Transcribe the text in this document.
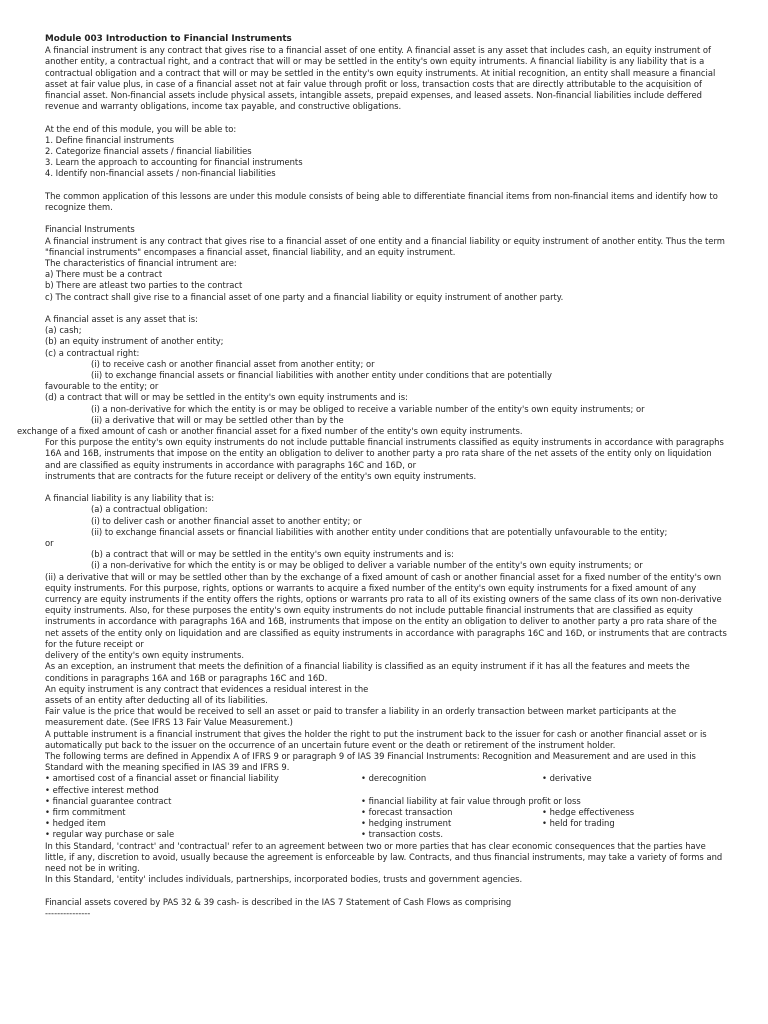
Module 003 Introduction to Financial Instruments

A financial instrument is any contract that gives rise to a financial asset of one entity. A financial asset is any asset that includes cash, an equity instrument of another entity, a contractual right, and a contract that will or may be settled in the entity's own equity intruments. A financial liability is any liability that is a contractual obligation and a contract that will or may be settled in the entity's own equity instruments. At initial recognition, an entity shall measure a financial asset at fair value plus, in case of a financial asset not at fair value through profit or loss, transaction costs that are directly attributable to the acquisition of financial asset. Non-financial assets include physical assets, intangible assets, prepaid expenses, and leased assets. Non-financial liabilities include deffered revenue and warranty obligations, income tax payable, and constructive obligations.

At the end of this module, you will be able to:
1. Define financial instruments
2. Categorize financial assets / financial liabilities
3. Learn the approach to accounting for financial instruments
4. Identify non-financial assets / non-financial liabilities

The common application of this lessons are under this module consists of being able to differentiate financial items from non-financial items and identify how to recognize them.

Financial Instruments

A financial instrument is any contract that gives rise to a financial asset of one entity and a financial liability or equity instrument of another entity. Thus the term "financial instruments" encompases a financial asset, financial liability, and an equity instrument.

The characteristics of financial intrument are:
a) There must be a contract
b) There are atleast two parties to the contract
c) The contract shall give rise to a financial asset of one party and a financial liability or equity instrument of another party.
A financial asset is any asset that is:
(a) cash;
(b) an equity instrument of another entity;
(c) a contractual right:
(i) to receive cash or another financial asset from another entity; or
(ii) to exchange financial assets or financial liabilities with another entity under conditions that are potentially
favourable to the entity; or
(d) a contract that will or may be settled in the entity's own equity instruments and is:
(i) a non-derivative for which the entity is or may be obliged to receive a variable number of the entity's own equity instruments; or
(ii) a derivative that will or may be settled other than by the
exchange of a fixed amount of cash or another financial asset for a fixed number of the entity's own equity instruments.

For this purpose the entity's own equity instruments do not include puttable financial instruments classified as equity instruments in accordance with paragraphs 16A and 16B, instruments that impose on the entity an obligation to deliver to another party a pro rata share of the net assets of the entity only on liquidation and are classified as equity instruments in accordance with paragraphs 16C and 16D, or

instruments that are contracts for the future receipt or delivery of the entity's own equity instruments.
A financial liability is any liability that is:
(a) a contractual obligation:
(i) to deliver cash or another financial asset to another entity; or
(ii) to exchange financial assets or financial liabilities with another entity under conditions that are potentially unfavourable to the entity;
or
(b) a contract that will or may be settled in the entity's own equity instruments and is:
(i) a non-derivative for which the entity is or may be obliged to deliver a variable number of the entity's own equity instruments; or

(ii) a derivative that will or may be settled other than by the exchange of a fixed amount of cash or another financial asset for a fixed number of the entity's own equity instruments. For this purpose, rights, options or warrants to acquire a fixed number of the entity's own equity instruments for a fixed amount of any currency are equity instruments if the entity offers the rights, options or warrants pro rata to all of its existing owners of the same class of its own non-derivative equity instruments. Also, for these purposes the entity's own equity instruments do not include puttable financial instruments that are classified as equity instruments in accordance with paragraphs 16A and 16B, instruments that impose on the entity an obligation to deliver to another party a pro rata share of the net assets of the entity only on liquidation and are classified as equity instruments in accordance with paragraphs 16C and 16D, or instruments that are contracts for the future receipt or

delivery of the entity's own equity instruments.

As an exception, an instrument that meets the definition of a financial liability is classified as an equity instrument if it has all the features and meets the conditions in paragraphs 16A and 16B or paragraphs 16C and 16D.

An equity instrument is any contract that evidences a residual interest in the
assets of an entity after deducting all of its liabilities.

Fair value is the price that would be received to sell an asset or paid to transfer a liability in an orderly transaction between market participants at the measurement date. (See IFRS 13 Fair Value Measurement.)

A puttable instrument is a financial instrument that gives the holder the right to put the instrument back to the issuer for cash or another financial asset or is automatically put back to the issuer on the occurrence of an uncertain future event or the death or retirement of the instrument holder.

The following terms are defined in Appendix A of IFRS 9 or paragraph 9 of IAS 39 Financial Instruments: Recognition and Measurement and are used in this

Standard with the meaning specified in IAS 39 and IFRS 9.
• amortised cost of a financial asset or financial liability	• derecognition	• derivative
• effective interest method
• financial guarantee contract	• financial liability at fair value through profit or loss
• firm commitment	• forecast transaction	• hedge effectiveness
• hedged item	• hedging instrument	• held for trading
• regular way purchase or sale	• transaction costs.

In this Standard, 'contract' and 'contractual' refer to an agreement between two or more parties that has clear economic consequences that the parties have little, if any, discretion to avoid, usually because the agreement is enforceable by law. Contracts, and thus financial instruments, may take a variety of forms and need not be in writing.

In this Standard, 'entity' includes individuals, partnerships, incorporated bodies, trusts and government agencies.
Financial assets covered by PAS 32 & 39 cash- is described in the IAS 7 Statement of Cash Flows as comprising
---------------
